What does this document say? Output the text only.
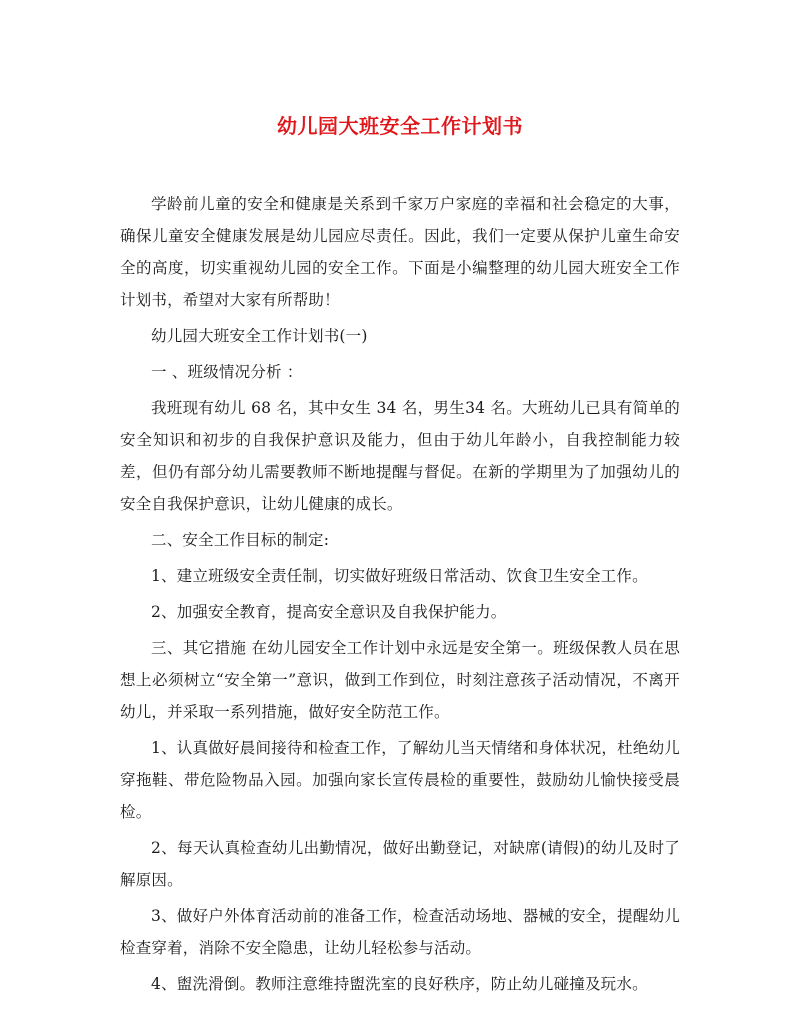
幼儿园大班安全工作计划书

学龄前儿童的安全和健康是关系到千家万户家庭的幸福和社会稳定的大事，确保儿童安全健康发展是幼儿园应尽责任。因此，我们一定要从保护儿童生命安全的高度，切实重视幼儿园的安全工作。下面是小编整理的幼儿园大班安全工作计划书，希望对大家有所帮助！

幼儿园大班安全工作计划书(一)

一 、班级情况分析 ：

我班现有幼儿 68 名，其中女生 34 名，男生34 名。大班幼儿已具有简单的安全知识和初步的自我保护意识及能力，但由于幼儿年龄小，自我控制能力较差，但仍有部分幼儿需要教师不断地提醒与督促。在新的学期里为了加强幼儿的安全自我保护意识，让幼儿健康的成长。

二、安全工作目标的制定:

1、建立班级安全责任制，切实做好班级日常活动、饮食卫生安全工作。

2、加强安全教育，提高安全意识及自我保护能力。

三、其它措施 在幼儿园安全工作计划中永远是安全第一。班级保教人员在思想上必须树立“安全第一”意识，做到工作到位，时刻注意孩子活动情况，不离开幼儿，并采取一系列措施，做好安全防范工作。

1、认真做好晨间接待和检查工作，了解幼儿当天情绪和身体状况，杜绝幼儿穿拖鞋、带危险物品入园。加强向家长宣传晨检的重要性，鼓励幼儿愉快接受晨检。

2、每天认真检查幼儿出勤情况，做好出勤登记，对缺席(请假)的幼儿及时了解原因。

3、做好户外体育活动前的准备工作，检查活动场地、器械的安全，提醒幼儿检查穿着，消除不安全隐患，让幼儿轻松参与活动。

4、盥洗滑倒。教师注意维持盥洗室的良好秩序，防止幼儿碰撞及玩水。
